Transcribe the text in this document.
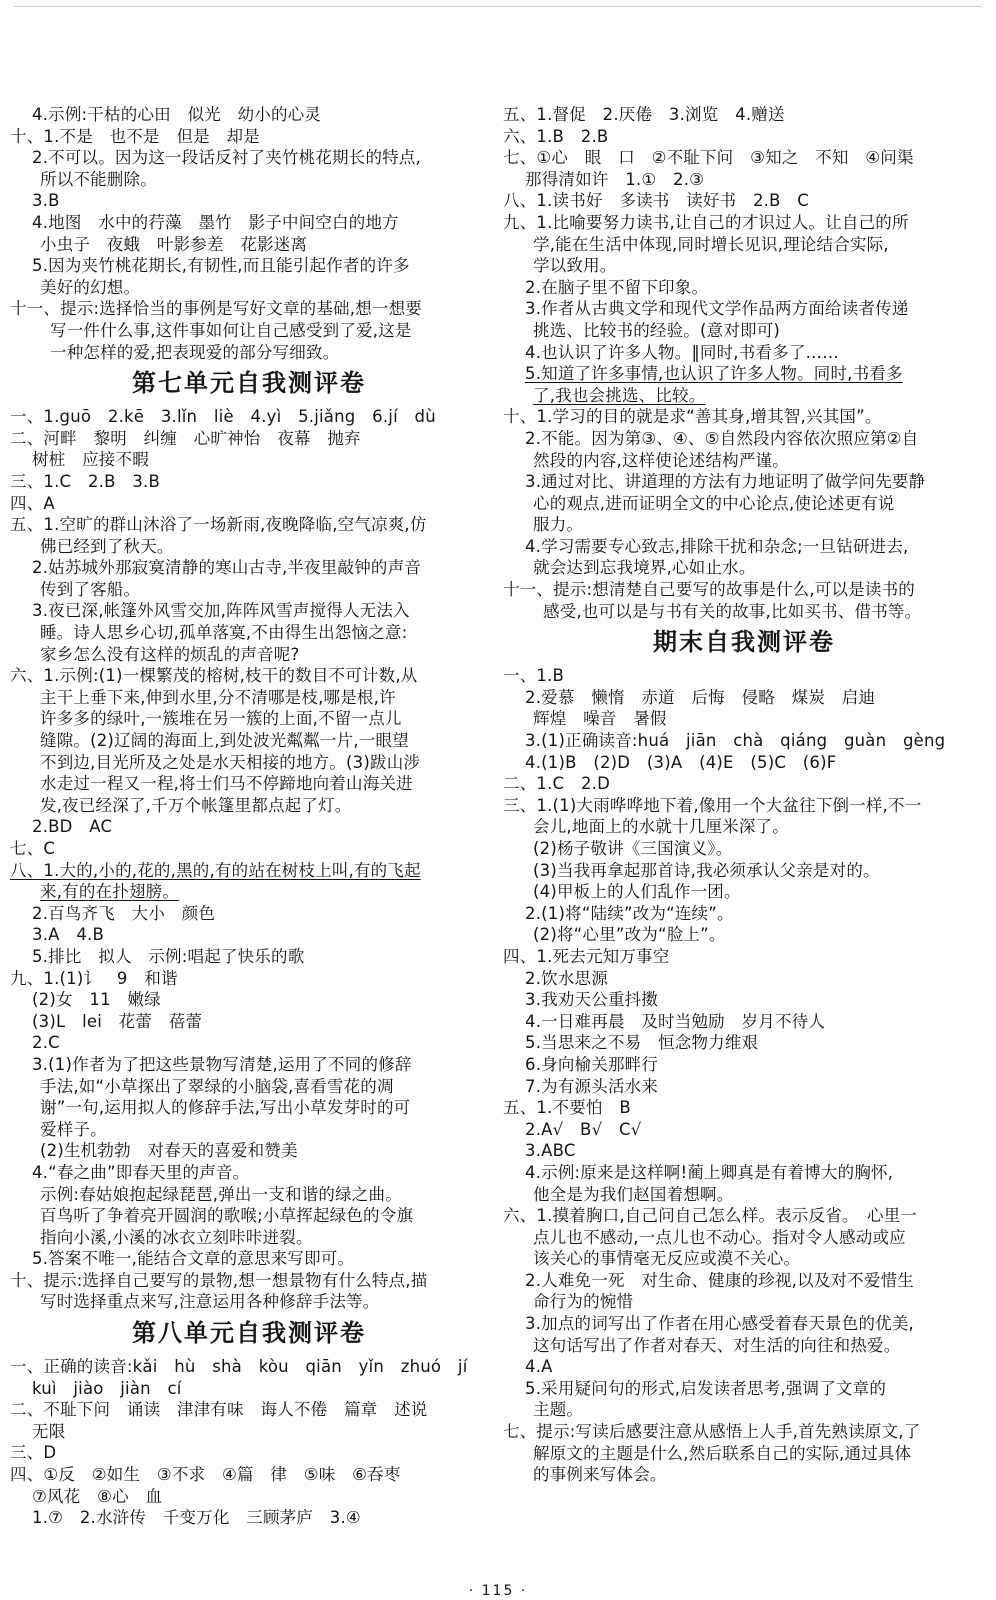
4.示例:干枯的心田　似光　幼小的心灵
十、1.不是　也不是　但是　却是
2.不可以。因为这一段话反衬了夹竹桃花期长的特点,
所以不能删除。
3.B
4.地图　水中的荇藻　墨竹　影子中间空白的地方
小虫子　夜蛾　叶影参差　花影迷离
5.因为夹竹桃花期长,有韧性,而且能引起作者的许多
美好的幻想。
十一、提示:选择恰当的事例是写好文章的基础,想一想要
写一件什么事,这件事如何让自己感受到了爱,这是
一种怎样的爱,把表现爱的部分写细致。
第七单元自我测评卷
一、1.guō　2.kē　3.lǐn　liè　4.yì　5.jiǎng　6.jí　dù
二、河畔　黎明　纠缠　心旷神怡　夜幕　抛弃
树桩　应接不暇
三、1.C　2.B　3.B
四、A
五、1.空旷的群山沐浴了一场新雨,夜晚降临,空气凉爽,仿
佛已经到了秋天。
2.姑苏城外那寂寞清静的寒山古寺,半夜里敲钟的声音
传到了客船。
3.夜已深,帐篷外风雪交加,阵阵风雪声搅得人无法入
睡。诗人思乡心切,孤单落寞,不由得生出怨恼之意:
家乡怎么没有这样的烦乱的声音呢?
六、1.示例:(1)一棵繁茂的榕树,枝干的数目不可计数,从
主干上垂下来,伸到水里,分不清哪是枝,哪是根,许
许多多的绿叶,一簇堆在另一簇的上面,不留一点儿
缝隙。(2)辽阔的海面上,到处波光粼粼一片,一眼望
不到边,目光所及之处是水天相接的地方。(3)跋山涉
水走过一程又一程,将士们马不停蹄地向着山海关进
发,夜已经深了,千万个帐篷里都点起了灯。
2.BD　AC
七、C
八、1.大的,小的,花的,黑的,有的站在树枝上叫,有的飞起
来,有的在扑翅膀。
2.百鸟齐飞　大小　颜色
3.A　4.B
5.排比　拟人　示例:唱起了快乐的歌
九、1.(1)讠　9　和谐
(2)女　11　嫩绿
(3)L　lei　花蕾　蓓蕾
2.C
3.(1)作者为了把这些景物写清楚,运用了不同的修辞
手法,如“小草探出了翠绿的小脑袋,喜看雪花的凋
谢”一句,运用拟人的修辞手法,写出小草发芽时的可
爱样子。
(2)生机勃勃　对春天的喜爱和赞美
4.“春之曲”即春天里的声音。
示例:春姑娘抱起绿琵琶,弹出一支和谐的绿之曲。
百鸟听了争着亮开圆润的歌喉;小草挥起绿色的令旗
指向小溪,小溪的冰衣立刻咔咔迸裂。
5.答案不唯一,能结合文章的意思来写即可。
十、提示:选择自己要写的景物,想一想景物有什么特点,描
写时选择重点来写,注意运用各种修辞手法等。
第八单元自我测评卷
一、正确的读音:kǎi　hù　shà　kòu　qiān　yǐn　zhuó　jí
kuì　jiào　jiàn　cí
二、不耻下问　诵读　津津有味　诲人不倦　篇章　述说
无限
三、D
四、①反　②如生　③不求　④篇　律　⑤味　⑥吞枣
⑦风花　⑧心　血
1.⑦　2.水浒传　千变万化　三顾茅庐　3.④
五、1.督促　2.厌倦　3.浏览　4.赠送
六、1.B　2.B
七、①心　眼　口　②不耻下问　③知之　不知　④问渠
那得清如许　1.①　2.③
八、1.读书好　多读书　读好书　2.B　C
九、1.比喻要努力读书,让自己的才识过人。让自己的所
学,能在生活中体现,同时增长见识,理论结合实际,
学以致用。
2.在脑子里不留下印象。
3.作者从古典文学和现代文学作品两方面给读者传递
挑选、比较书的经验。(意对即可)
4.也认识了许多人物。‖同时,书看多了……
5.知道了许多事情,也认识了许多人物。同时,书看多
了,我也会挑选、比较。
十、1.学习的目的就是求“善其身,增其智,兴其国”。
2.不能。因为第③、④、⑤自然段内容依次照应第②自
然段的内容,这样使论述结构严谨。
3.通过对比、讲道理的方法有力地证明了做学问先要静
心的观点,进而证明全文的中心论点,使论述更有说
服力。
4.学习需要专心致志,排除干扰和杂念;一旦钻研进去,
就会达到忘我境界,心如止水。
十一、提示:想清楚自己要写的故事是什么,可以是读书的
感受,也可以是与书有关的故事,比如买书、借书等。
期末自我测评卷
一、1.B
2.爱慕　懒惰　赤道　后悔　侵略　煤炭　启迪
辉煌　噪音　暑假
3.(1)正确读音:huá　jiān　chà　qiáng　guàn　gèng
4.(1)B　(2)D　(3)A　(4)E　(5)C　(6)F
二、1.C　2.D
三、1.(1)大雨哗哗地下着,像用一个大盆往下倒一样,不一
会儿,地面上的水就十几厘米深了。
(2)杨子敬讲《三国演义》。
(3)当我再拿起那首诗,我必须承认父亲是对的。
(4)甲板上的人们乱作一团。
2.(1)将“陆续”改为“连续”。
(2)将“心里”改为“脸上”。
四、1.死去元知万事空
2.饮水思源
3.我劝天公重抖擞
4.一日难再晨　及时当勉励　岁月不待人
5.当思来之不易　恒念物力维艰
6.身向榆关那畔行
7.为有源头活水来
五、1.不要怕　B
2.A√　B√　C√
3.ABC
4.示例:原来是这样啊!蔺上卿真是有着博大的胸怀,
他全是为我们赵国着想啊。
六、1.摸着胸口,自己问自己怎么样。表示反省。　心里一
点儿也不感动,一点儿也不动心。指对令人感动或应
该关心的事情毫无反应或漠不关心。
2.人难免一死　对生命、健康的珍视,以及对不爱惜生
命行为的惋惜
3.加点的词写出了作者在用心感受着春天景色的优美,
这句话写出了作者对春天、对生活的向往和热爱。
4.A
5.采用疑问句的形式,启发读者思考,强调了文章的
主题。
七、提示:写读后感要注意从感悟上人手,首先熟读原文,了
解原文的主题是什么,然后联系自己的实际,通过具体
的事例来写体会。
· 115 ·
